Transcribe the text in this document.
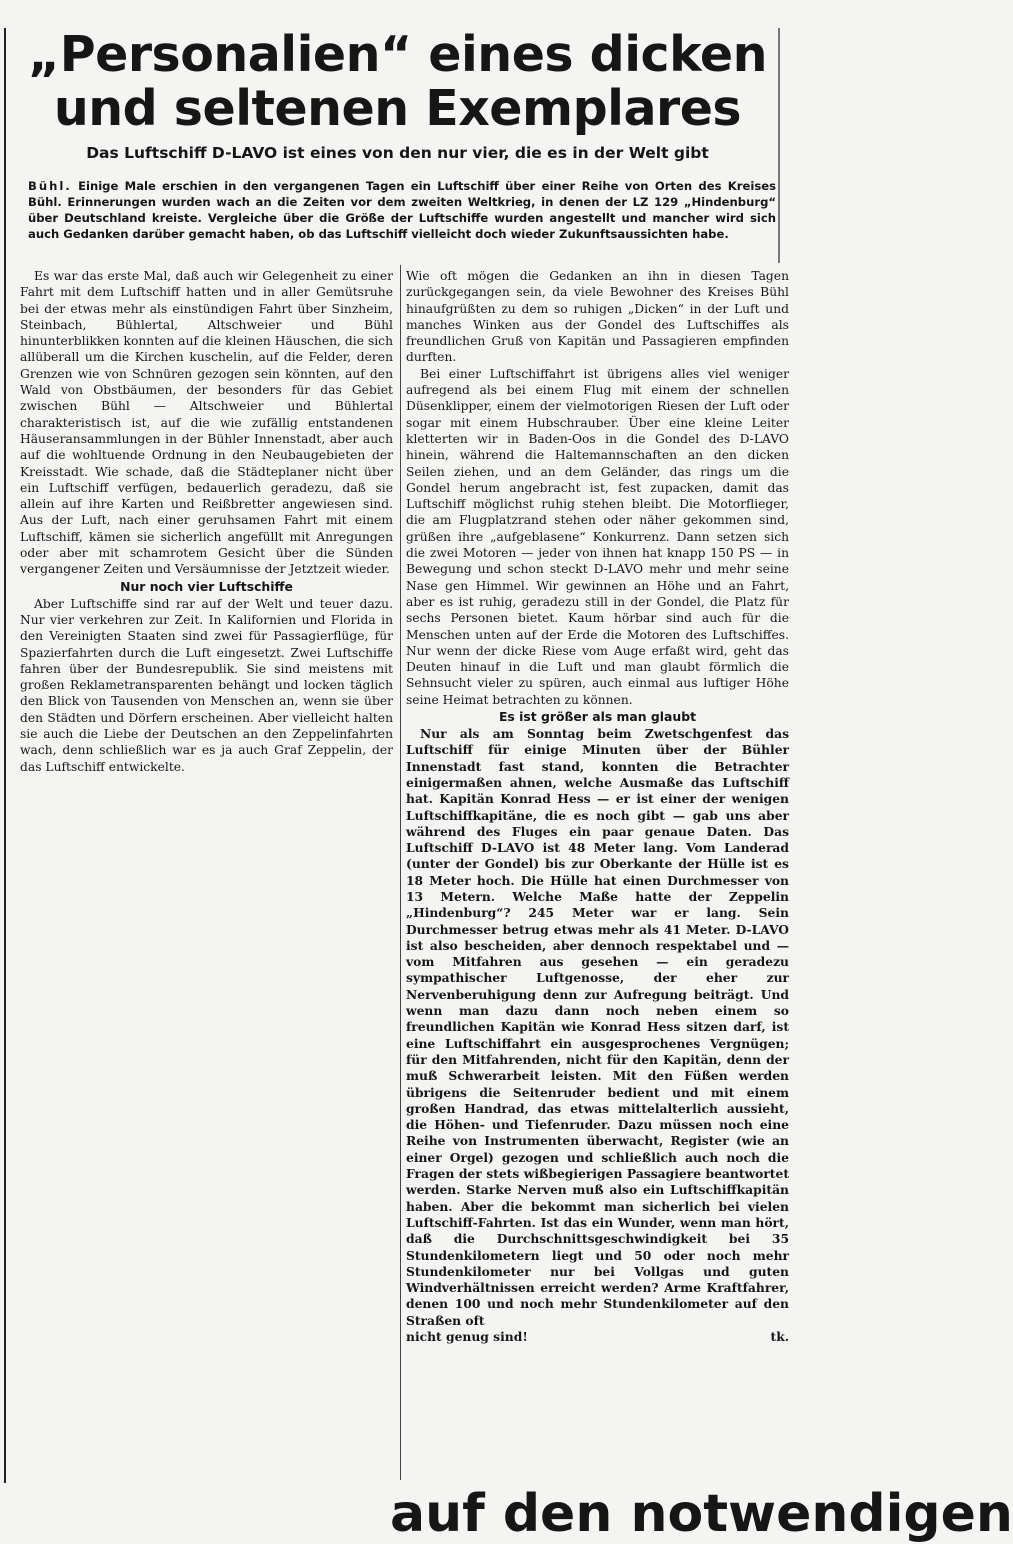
„Personalien“ eines dicken
und seltenen Exemplares
Das Luftschiff D-LAVO ist eines von den nur vier, die es in der Welt gibt
Bühl. Einige Male erschien in den vergangenen Tagen ein Luftschiff über einer Reihe von Orten des Kreises Bühl. Erinnerungen wurden wach an die Zeiten vor dem zweiten Weltkrieg, in denen der LZ 129 „Hindenburg“ über Deutschland kreiste. Vergleiche über die Größe der Luftschiffe wurden angestellt und mancher wird sich auch Gedanken darüber gemacht haben, ob das Luftschiff vielleicht doch wieder Zukunftsaussichten habe.

Es war das erste Mal, daß auch wir Gelegenheit zu einer Fahrt mit dem Luftschiff hatten und in aller Gemütsruhe bei der etwas mehr als einstündigen Fahrt über Sinzheim, Steinbach, Bühlertal, Altschweier und Bühl hinunterblikken konnten auf die kleinen Häuschen, die sich allüberall um die Kirchen kuschelin, auf die Felder, deren Grenzen wie von Schnüren gezogen sein könnten, auf den Wald von Obstbäumen, der besonders für das Gebiet zwischen Bühl — Altschweier und Bühlertal charakteristisch ist, auf die wie zufällig entstandenen Häuseransammlungen in der Bühler Innenstadt, aber auch auf die wohltuende Ordnung in den Neubaugebieten der Kreisstadt. Wie schade, daß die Städteplaner nicht über ein Luftschiff verfügen, bedauerlich geradezu, daß sie allein auf ihre Karten und Reißbretter angewiesen sind. Aus der Luft, nach einer geruhsamen Fahrt mit einem Luftschiff, kämen sie sicherlich angefüllt mit Anregungen oder aber mit schamrotem Gesicht über die Sünden vergangener Zeiten und Versäumnisse der Jetztzeit wieder.

Nur noch vier Luftschiffe

Aber Luftschiffe sind rar auf der Welt und teuer dazu. Nur vier verkehren zur Zeit. In Kalifornien und Florida in den Vereinigten Staaten sind zwei für Passagierflüge, für Spazierfahrten durch die Luft eingesetzt. Zwei Luftschiffe fahren über der Bundesrepublik. Sie sind meistens mit großen Reklametransparenten behängt und locken täglich den Blick von Tausenden von Menschen an, wenn sie über den Städten und Dörfern erscheinen. Aber vielleicht halten sie auch die Liebe der Deutschen an den Zeppelinfahrten wach, denn schließlich war es ja auch Graf Zeppelin, der das Luftschiff entwickelte.

Wie oft mögen die Gedanken an ihn in diesen Tagen zurückgegangen sein, da viele Bewohner des Kreises Bühl hinaufgrüßten zu dem so ruhigen „Dicken“ in der Luft und manches Winken aus der Gondel des Luftschiffes als freundlichen Gruß von Kapitän und Passagieren empfinden durften.

Bei einer Luftschiffahrt ist übrigens alles viel weniger aufregend als bei einem Flug mit einem der schnellen Düsenklipper, einem der vielmotorigen Riesen der Luft oder sogar mit einem Hubschrauber. Über eine kleine Leiter kletterten wir in Baden-Oos in die Gondel des D-LAVO hinein, während die Haltemannschaften an den dicken Seilen ziehen, und an dem Geländer, das rings um die Gondel herum angebracht ist, fest zupacken, damit das Luftschiff möglichst ruhig stehen bleibt. Die Motorflieger, die am Flugplatzrand stehen oder näher gekommen sind, grüßen ihre „aufgeblasene“ Konkurrenz. Dann setzen sich die zwei Motoren — jeder von ihnen hat knapp 150 PS — in Bewegung und schon steckt D-LAVO mehr und mehr seine Nase gen Himmel. Wir gewinnen an Höhe und an Fahrt, aber es ist ruhig, geradezu still in der Gondel, die Platz für sechs Personen bietet. Kaum hörbar sind auch für die Menschen unten auf der Erde die Motoren des Luftschiffes. Nur wenn der dicke Riese vom Auge erfaßt wird, geht das Deuten hinauf in die Luft und man glaubt förmlich die Sehnsucht vieler zu spüren, auch einmal aus luftiger Höhe seine Heimat betrachten zu können.

Es ist größer als man glaubt

Nur als am Sonntag beim Zwetschgenfest das Luftschiff für einige Minuten über der Bühler Innenstadt fast stand, konnten die Betrachter einigermaßen ahnen, welche Ausmaße das Luftschiff hat. Kapitän Konrad Hess — er ist einer der wenigen Luftschiffkapitäne, die es noch gibt — gab uns aber während des Fluges ein paar genaue Daten. Das Luftschiff D-LAVO ist 48 Meter lang. Vom Landerad (unter der Gondel) bis zur Oberkante der Hülle ist es 18 Meter hoch. Die Hülle hat einen Durchmesser von 13 Metern. Welche Maße hatte der Zeppelin „Hindenburg“? 245 Meter war er lang. Sein Durchmesser betrug etwas mehr als 41 Meter. D-LAVO ist also bescheiden, aber dennoch respektabel und — vom Mitfahren aus gesehen — ein geradezu sympathischer Luftgenosse, der eher zur Nervenberuhigung denn zur Aufregung beiträgt. Und wenn man dazu dann noch neben einem so freundlichen Kapitän wie Konrad Hess sitzen darf, ist eine Luftschiffahrt ein ausgesprochenes Vergnügen; für den Mitfahrenden, nicht für den Kapitän, denn der muß Schwerarbeit leisten. Mit den Füßen werden übrigens die Seitenruder bedient und mit einem großen Handrad, das etwas mittelalterlich aussieht, die Höhen- und Tiefenruder. Dazu müssen noch eine Reihe von Instrumenten überwacht, Register (wie an einer Orgel) gezogen und schließlich auch noch die Fragen der stets wißbegierigen Passagiere beantwortet werden. Starke Nerven muß also ein Luftschiffkapitän haben. Aber die bekommt man sicherlich bei vielen Luftschiff-Fahrten. Ist das ein Wunder, wenn man hört, daß die Durchschnittsgeschwindigkeit bei 35 Stundenkilometern liegt und 50 oder noch mehr Stundenkilometer nur bei Vollgas und guten Windverhältnissen erreicht werden? Arme Kraftfahrer, denen 100 und noch mehr Stundenkilometer auf den Straßen oft

nicht genug sind!	tk.
auf den notwendigen
